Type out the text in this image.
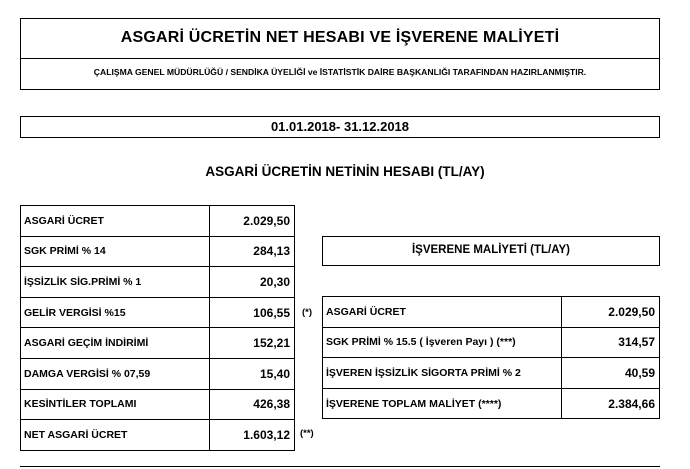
ASGARİ ÜCRETİN NET HESABI VE İŞVERENE MALİYETİ
ÇALIŞMA GENEL MÜDÜRLÜĞÜ / SENDİKA ÜYELİĞİ ve İSTATİSTİK DAİRE BAŞKANLIĞI TARAFINDAN HAZIRLANMIŞTIR.
01.01.2018- 31.12.2018
ASGARİ ÜCRETİN NETİNİN HESABI (TL/AY)
ASGARİ ÜCRET	2.029,50
SGK PRİMİ % 14	284,13
İŞSİZLİK SİG.PRİMİ % 1	20,30
GELİR VERGİSİ %15	106,55
ASGARİ GEÇİM İNDİRİMİ	152,21
DAMGA VERGİSİ % 07,59	15,40
KESİNTİLER TOPLAMI	426,38
NET ASGARİ ÜCRET	1.603,12
(*)
(**)
İŞVERENE MALİYETİ (TL/AY)
ASGARİ ÜCRET	2.029,50
SGK PRİMİ % 15.5 ( İşveren Payı ) (***)	314,57
İŞVEREN İŞSİZLİK SİGORTA PRİMİ % 2	40,59
İŞVERENE TOPLAM MALİYET (****)	2.384,66
